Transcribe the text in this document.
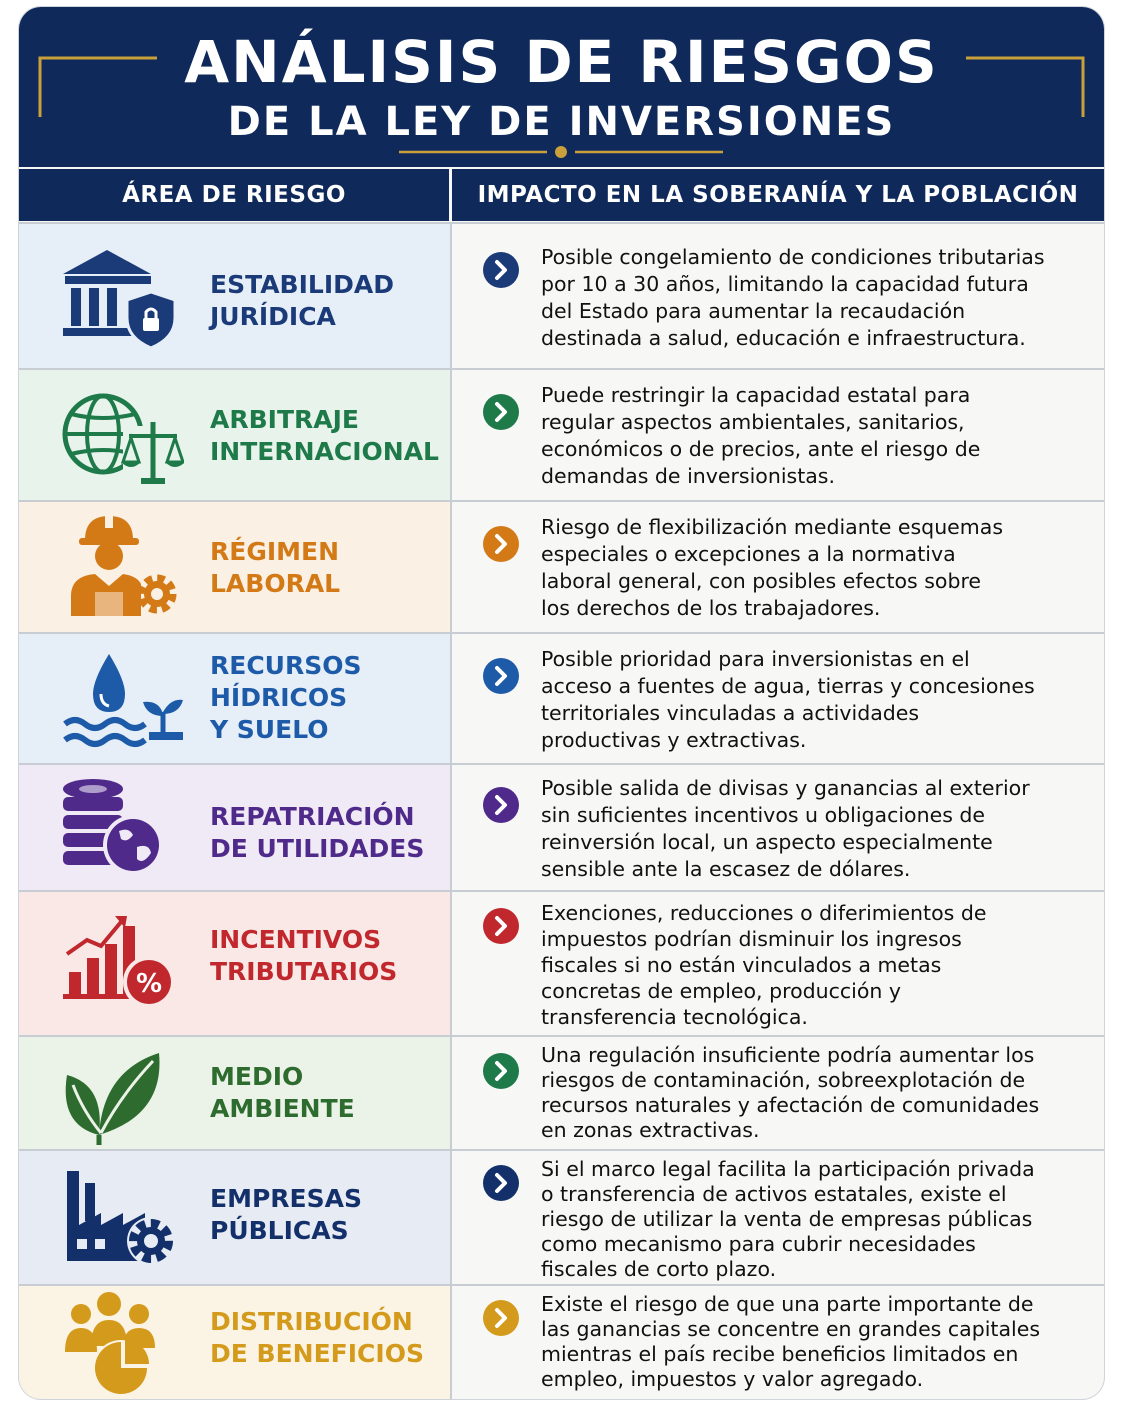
ANÁLISIS DE RIESGOS
DE LA LEY DE INVERSIONES
ÁREA DE RIESGO	IMPACTO EN LA SOBERANÍA Y LA POBLACIÓN
ESTABILIDAD
JURÍDICA
Posible congelamiento de condiciones tributarias
por 10 a 30 años, limitando la capacidad futura
del Estado para aumentar la recaudación
destinada a salud, educación e infraestructura.
ARBITRAJE
INTERNACIONAL
Puede restringir la capacidad estatal para
regular aspectos ambientales, sanitarios,
económicos o de precios, ante el riesgo de
demandas de inversionistas.
RÉGIMEN
LABORAL
Riesgo de flexibilización mediante esquemas
especiales o excepciones a la normativa
laboral general, con posibles efectos sobre
los derechos de los trabajadores.
RECURSOS
HÍDRICOS
Y SUELO
Posible prioridad para inversionistas en el
acceso a fuentes de agua, tierras y concesiones
territoriales vinculadas a actividades
productivas y extractivas.
REPATRIACIÓN
DE UTILIDADES
Posible salida de divisas y ganancias al exterior
sin suficientes incentivos u obligaciones de
reinversión local, un aspecto especialmente
sensible ante la escasez de dólares.
%
INCENTIVOS
TRIBUTARIOS
Exenciones, reducciones o diferimientos de
impuestos podrían disminuir los ingresos
fiscales si no están vinculados a metas
concretas de empleo, producción y
transferencia tecnológica.
MEDIO
AMBIENTE
Una regulación insuficiente podría aumentar los
riesgos de contaminación, sobreexplotación de
recursos naturales y afectación de comunidades
en zonas extractivas.
EMPRESAS
PÚBLICAS
Si el marco legal facilita la participación privada
o transferencia de activos estatales, existe el
riesgo de utilizar la venta de empresas públicas
como mecanismo para cubrir necesidades
fiscales de corto plazo.
DISTRIBUCIÓN
DE BENEFICIOS
Existe el riesgo de que una parte importante de
las ganancias se concentre en grandes capitales
mientras el país recibe beneficios limitados en
empleo, impuestos y valor agregado.
